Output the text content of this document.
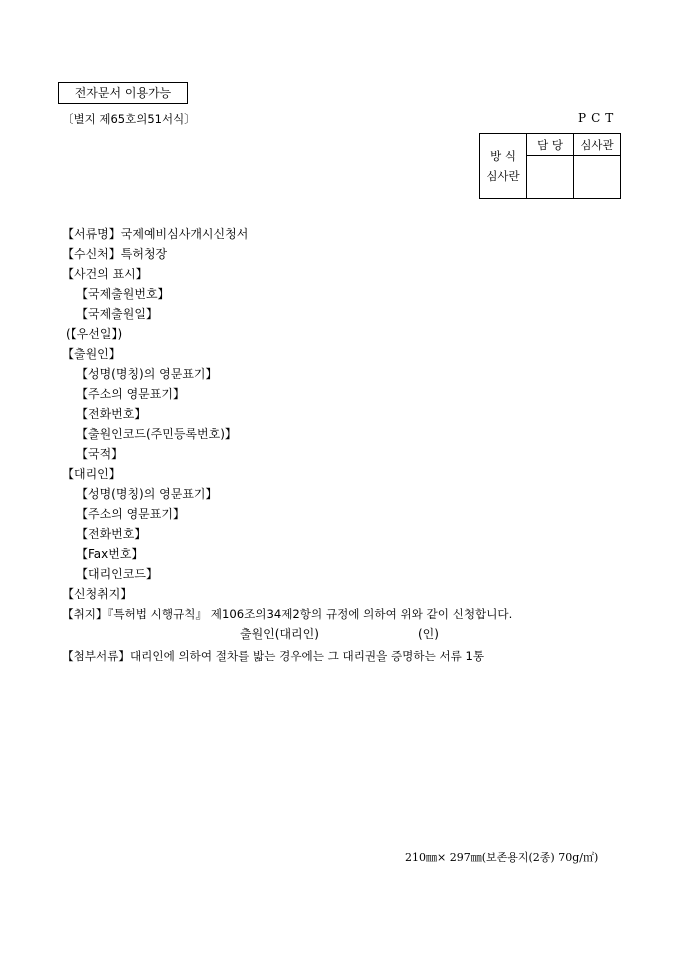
전자문서 이용가능
〔별지 제65호의51서식〕	PCT
방 식
심사란	담 당	심사관

【서류명】국제예비심사개시신청서
【수신처】특허청장
【사건의 표시】
【국제출원번호】
【국제출원일】
(【우선일】)
【출원인】
【성명(명칭)의 영문표기】
【주소의 영문표기】
【전화번호】
【출원인코드(주민등록번호)】
【국적】
【대리인】
【성명(명칭)의 영문표기】
【주소의 영문표기】
【전화번호】
【Fax번호】
【대리인코드】
【신청취지】
【취지】『특허법 시행규칙』 제106조의34제2항의 규정에 의하여 위와 같이 신청합니다.
출원인(대리인)	(인)
【첨부서류】대리인에 의하여 절차를 밟는 경우에는 그 대리권을 증명하는 서류 1통
210㎜× 297㎜(보존용지(2종) 70g/㎡)
